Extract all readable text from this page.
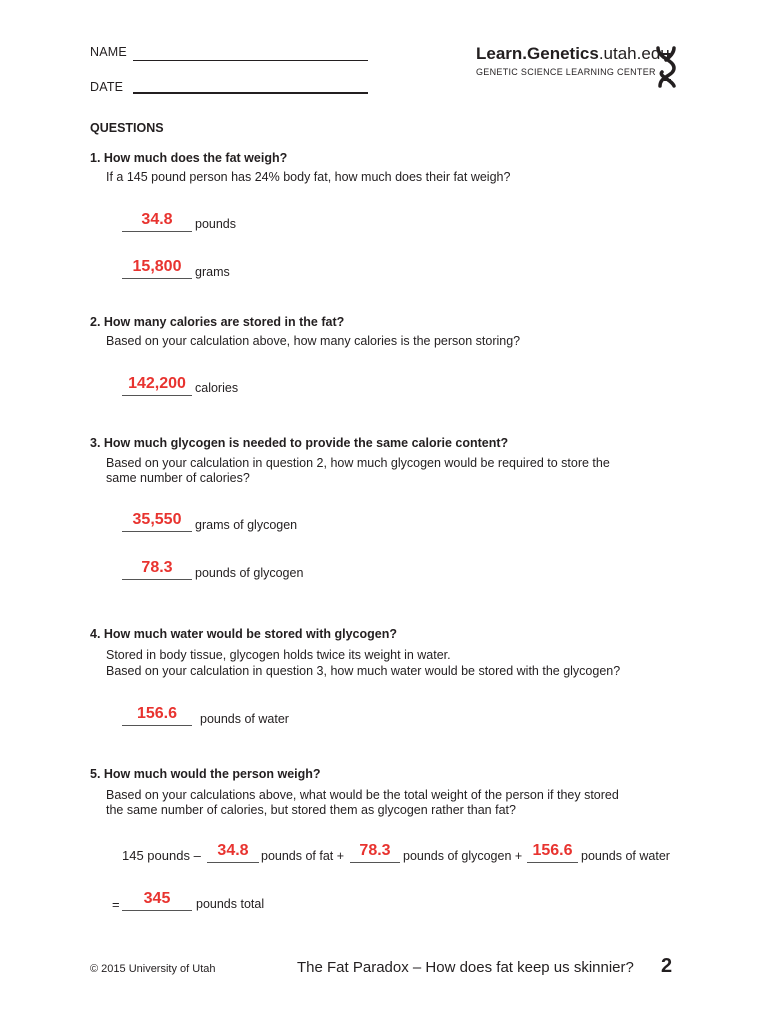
NAME
DATE
Learn.Genetics.utah.edu
GENETIC SCIENCE LEARNING CENTER
QUESTIONS
1. How much does the fat weigh?
If a 145 pound person has 24% body fat, how much does their fat weigh?
34.8	pounds
15,800	grams
2. How many calories are stored in the fat?
Based on your calculation above, how many calories is the person storing?
142,200 calories
3. How much glycogen is needed to provide the same calorie content?
Based on your calculation in question 2, how much glycogen would be required to store the
same number of calories?
35,550	grams of glycogen
78.3	pounds of glycogen
4. How much water would be stored with glycogen?
Stored in body tissue, glycogen holds twice its weight in water.
Based on your calculation in question 3, how much water would be stored with the glycogen?
156.6	pounds of water
5. How much would the person weigh?
Based on your calculations above, what would be the total weight of the person if they stored
the same number of calories, but stored them as glycogen rather than fat?
145 pounds –	34.8 pounds of fat + 78.3 pounds of glycogen + 156.6 pounds of water
=	345	pounds total
© 2015 University of Utah	The Fat Paradox – How does fat keep us skinnier? 2
